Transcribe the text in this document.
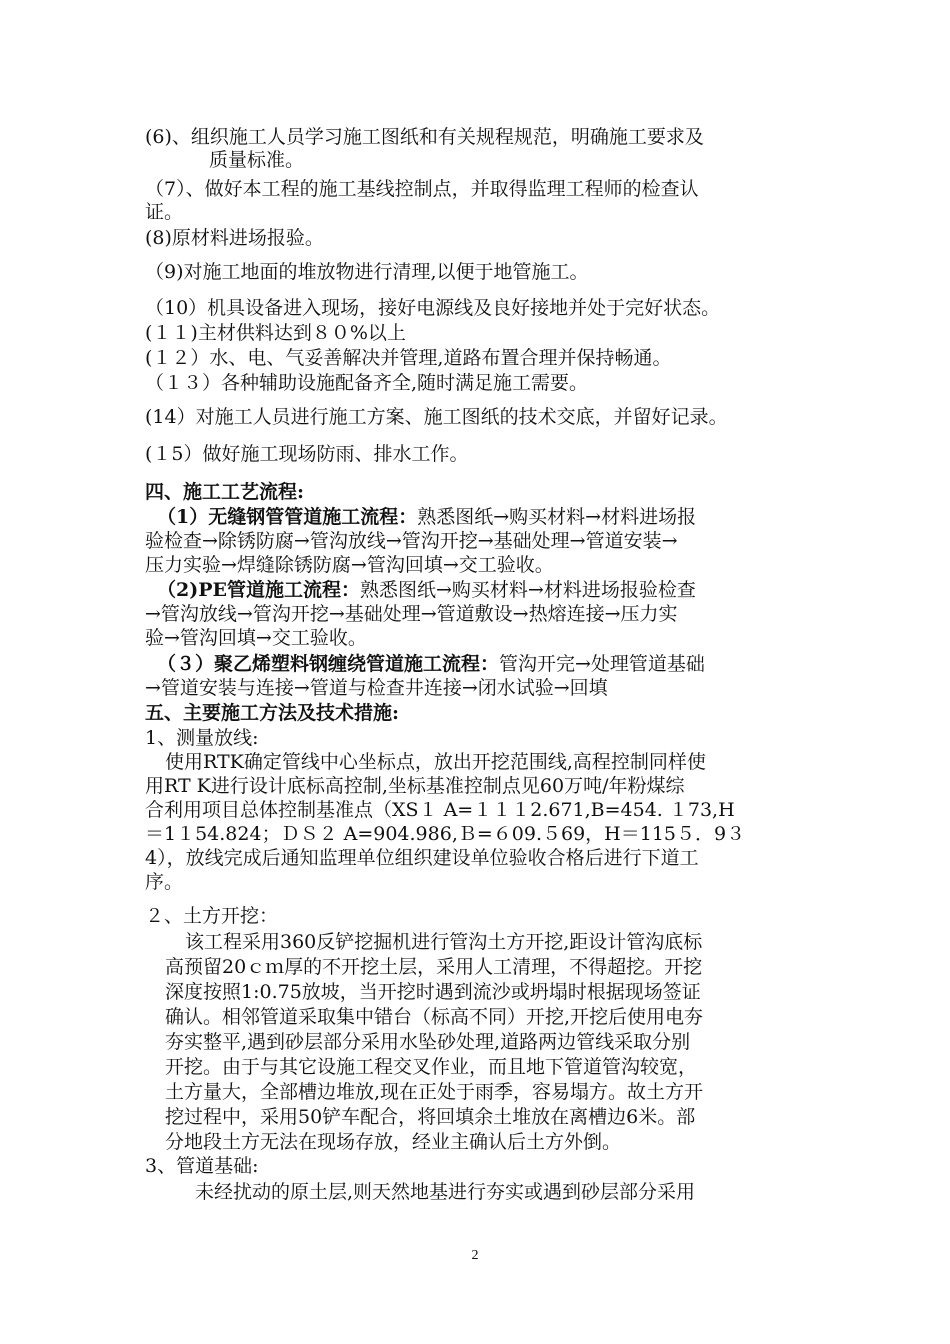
(6)、组织施工人员学习施工图纸和有关规程规范，明确施工要求及
质量标准。
（7）、做好本工程的施工基线控制点，并取得监理工程师的检查认
证。
(8)原材料进场报验。
（9)对施工地面的堆放物进行清理,以便于地管施工。
（10）机具设备进入现场，接好电源线及良好接地并处于完好状态。
(１１)主材供料达到８０%以上
(１２）水、电、气妥善解决并管理,道路布置合理并保持畅通。
（１３）各种辅助设施配备齐全,随时满足施工需要。
(14）对施工人员进行施工方案、施工图纸的技术交底，并留好记录。
(１5）做好施工现场防雨、排水工作。
四、施工工艺流程:
（1）无缝钢管管道施工流程：熟悉图纸→购买材料→材料进场报
验检查→除锈防腐→管沟放线→管沟开挖→基础处理→管道安装→
压力实验→焊缝除锈防腐→管沟回填→交工验收。
（2)PE管道施工流程：熟悉图纸→购买材料→材料进场报验检查
→管沟放线→管沟开挖→基础处理→管道敷设→热熔连接→压力实
验→管沟回填→交工验收。
（３）聚乙烯塑料钢缠绕管道施工流程：管沟开完→处理管道基础
→管道安装与连接→管道与检查井连接→闭水试验→回填
五、主要施工方法及技术措施:
1、测量放线:
使用RTK确定管线中心坐标点，放出开挖范围线,高程控制同样使
用RT K进行设计底标高控制,坐标基准控制点见60万吨/年粉煤综
合利用项目总体控制基准点（XS１ A=１１１2.671,B=454. １73,H
＝1１54.824；ＤＳ２ A=904.986,Ｂ=６09.５69，H＝115５．9３
4），放线完成后通知监理单位组织建设单位验收合格后进行下道工
序。
２、土方开挖：
该工程采用360反铲挖掘机进行管沟土方开挖,距设计管沟底标
高预留20ｃｍ厚的不开挖土层，采用人工清理，不得超挖。开挖
深度按照1:0.75放坡，当开挖时遇到流沙或坍塌时根据现场签证
确认。相邻管道采取集中错台（标高不同）开挖,开挖后使用电夯
夯实整平,遇到砂层部分采用水坠砂处理,道路两边管线采取分别
开挖。由于与其它设施工程交叉作业，而且地下管道管沟较宽，
土方量大，全部槽边堆放,现在正处于雨季，容易塌方。故土方开
挖过程中，采用50铲车配合，将回填余土堆放在离槽边6米。部
分地段土方无法在现场存放，经业主确认后土方外倒。
3、管道基础:
未经扰动的原土层,则天然地基进行夯实或遇到砂层部分采用
2
